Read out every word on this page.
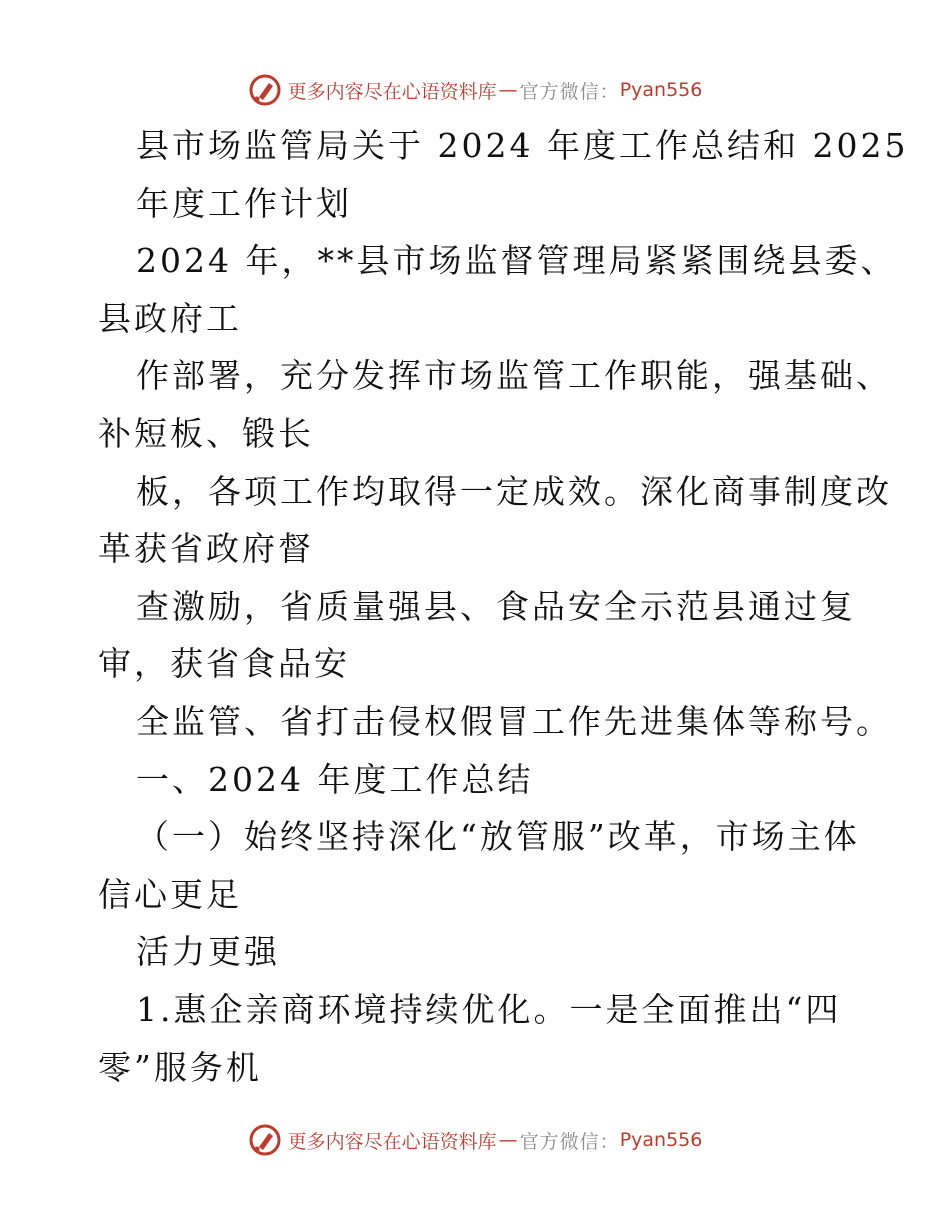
更多内容尽在心语资料库 — 官方微信： Pyan556
县市场监管局关于 2024 年度工作总结和 2025
年度工作计划
2024 年，**县市场监督管理局紧紧围绕县委、
县政府工
作部署，充分发挥市场监管工作职能，强基础、
补短板、锻长
板，各项工作均取得一定成效。深化商事制度改
革获省政府督
查激励，省质量强县、食品安全示范县通过复
审，获省食品安
全监管、省打击侵权假冒工作先进集体等称号。
一、2024 年度工作总结
（一）始终坚持深化“放管服”改革，市场主体
信心更足
活力更强
1.惠企亲商环境持续优化。一是全面推出“四
零”服务机
更多内容尽在心语资料库 — 官方微信： Pyan556
